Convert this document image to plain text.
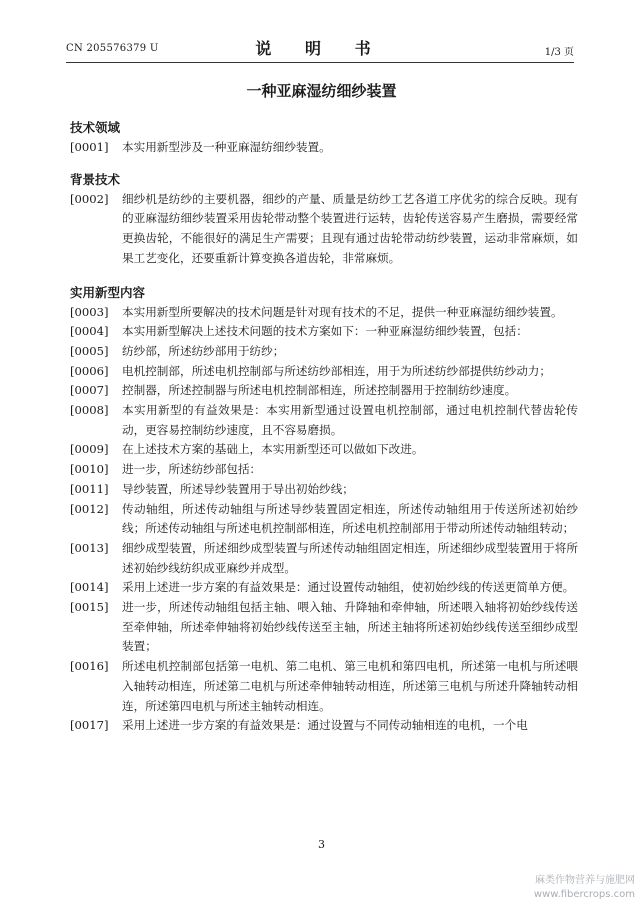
CN 205576379 U	说 明 书	1/3 页
一种亚麻湿纺细纱装置
技术领域
[0001]	本实用新型涉及一种亚麻湿纺细纱装置。
背景技术
[0002]	细纱机是纺纱的主要机器，细纱的产量、质量是纺纱工艺各道工序优劣的综合反映。现有的亚麻湿纺细纱装置采用齿轮带动整个装置进行运转，齿轮传送容易产生磨损，需要经常更换齿轮，不能很好的满足生产需要；且现有通过齿轮带动纺纱装置，运动非常麻烦，如果工艺变化，还要重新计算变换各道齿轮，非常麻烦。
实用新型内容
[0003]	本实用新型所要解决的技术问题是针对现有技术的不足，提供一种亚麻湿纺细纱装置。
[0004]	本实用新型解决上述技术问题的技术方案如下：一种亚麻湿纺细纱装置，包括：
[0005]	纺纱部，所述纺纱部用于纺纱；
[0006]	电机控制部，所述电机控制部与所述纺纱部相连，用于为所述纺纱部提供纺纱动力；
[0007]	控制器，所述控制器与所述电机控制部相连，所述控制器用于控制纺纱速度。
[0008]	本实用新型的有益效果是：本实用新型通过设置电机控制部，通过电机控制代替齿轮传动，更容易控制纺纱速度，且不容易磨损。
[0009]	在上述技术方案的基础上，本实用新型还可以做如下改进。
[0010]	进一步，所述纺纱部包括：
[0011]	导纱装置，所述导纱装置用于导出初始纱线；
[0012]	传动轴组，所述传动轴组与所述导纱装置固定相连，所述传动轴组用于传送所述初始纱线；所述传动轴组与所述电机控制部相连，所述电机控制部用于带动所述传动轴组转动；
[0013]	细纱成型装置，所述细纱成型装置与所述传动轴组固定相连，所述细纱成型装置用于将所述初始纱线纺织成亚麻纱并成型。
[0014]	采用上述进一步方案的有益效果是：通过设置传动轴组，使初始纱线的传送更简单方便。
[0015]	进一步，所述传动轴组包括主轴、喂入轴、升降轴和牵伸轴，所述喂入轴将初始纱线传送至牵伸轴，所述牵伸轴将初始纱线传送至主轴，所述主轴将所述初始纱线传送至细纱成型装置；
[0016]	所述电机控制部包括第一电机、第二电机、第三电机和第四电机，所述第一电机与所述喂入轴转动相连，所述第二电机与所述牵伸轴转动相连，所述第三电机与所述升降轴转动相连，所述第四电机与所述主轴转动相连。
[0017]	采用上述进一步方案的有益效果是：通过设置与不同传动轴相连的电机，一个电
3
麻类作物营养与施肥网
www.fibercrops.com
